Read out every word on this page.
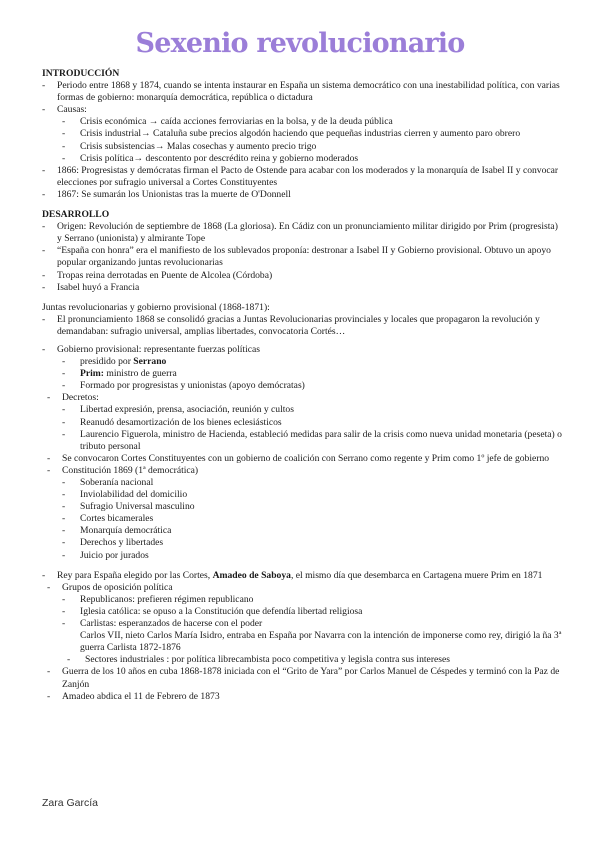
Sexenio revolucionario
INTRODUCCIÓN
- Periodo entre 1868 y 1874, cuando se intenta instaurar en España un sistema democrático con una inestabilidad política, con varias formas de gobierno: monarquía democrática, república o dictadura
- Causas:
- Crisis económica → caída acciones ferroviarias en la bolsa, y de la deuda pública
- Crisis industrial→ Cataluña sube precios algodón haciendo que pequeñas industrias cierren y aumento paro obrero
- Crisis subsistencias→ Malas cosechas y aumento precio trigo
- Crisis política→ descontento por descrédito reina y gobierno moderados
- 1866: Progresistas y demócratas firman el Pacto de Ostende para acabar con los moderados y la monarquía de Isabel II y convocar elecciones por sufragio universal a Cortes Constituyentes
- 1867: Se sumarán los Unionistas tras la muerte de O'Donnell
DESARROLLO
- Origen: Revolución de septiembre de 1868 (La gloriosa). En Cádiz con un pronunciamiento militar dirigido por Prim (progresista) y Serrano (unionista) y almirante Tope
- “España con honra” era el manifiesto de los sublevados proponía: destronar a Isabel II y Gobierno provisional. Obtuvo un apoyo popular organizando juntas revolucionarias
- Tropas reina derrotadas en Puente de Alcolea (Córdoba)
- Isabel huyó a Francia
Juntas revolucionarias y gobierno provisional (1868-1871):
- El pronunciamiento 1868 se consolidó gracias a Juntas Revolucionarias provinciales y locales que propagaron la revolución y demandaban: sufragio universal, amplias libertades, convocatoria Cortés…
- Gobierno provisional: representante fuerzas políticas
- presidido por Serrano
- Prim: ministro de guerra
- Formado por progresistas y unionistas (apoyo demócratas)
- Decretos:
- Libertad expresión, prensa, asociación, reunión y cultos
- Reanudó desamortización de los bienes eclesiásticos
- Laurencio Figuerola, ministro de Hacienda, estableció medidas para salir de la crisis como nueva unidad monetaria (peseta) o tributo personal
- Se convocaron Cortes Constituyentes con un gobierno de coalición con Serrano como regente y Prim como 1º jefe de gobierno
- Constitución 1869 (1ª democrática)
- Soberanía nacional
- Inviolabilidad del domicilio
- Sufragio Universal masculino
- Cortes bicamerales
- Monarquía democrática
- Derechos y libertades
- Juicio por jurados
- Rey para España elegido por las Cortes, Amadeo de Saboya, el mismo día que desembarca en Cartagena muere Prim en 1871
- Grupos de oposición política
- Republicanos: prefieren régimen republicano
- Iglesia católica: se opuso a la Constitución que defendía libertad religiosa
- Carlistas: esperanzados de hacerse con el poder
Carlos VII, nieto Carlos María Isidro, entraba en España por Navarra con la intención de imponerse como rey, dirigió la ña 3ª guerra Carlista 1872-1876
- Sectores industriales : por política librecambista poco competitiva y legisla contra sus intereses
- Guerra de los 10 años en cuba 1868-1878 iniciada con el “Grito de Yara” por Carlos Manuel de Céspedes y terminó con la Paz de Zanjón
- Amadeo abdica el 11 de Febrero de 1873
Zara García
